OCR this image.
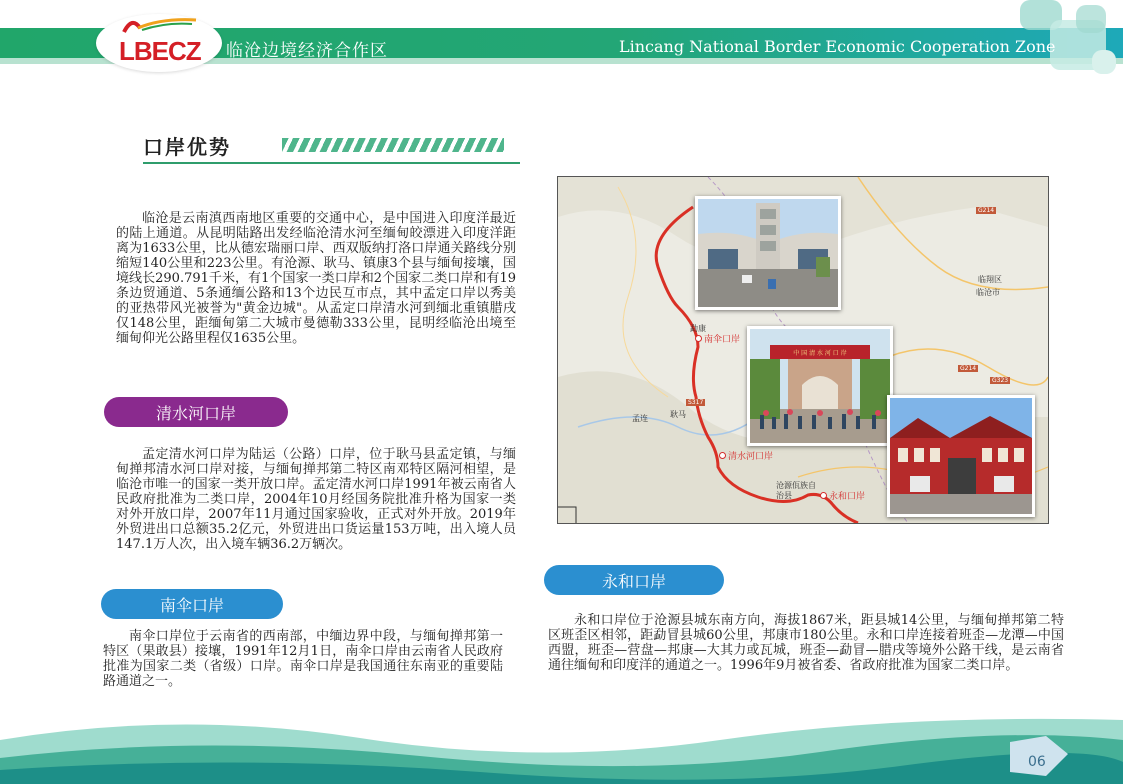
LBECZ 临沧边境经济合作区	Lincang National Border Economic Cooperation Zone
口岸优势

临沧是云南滇西南地区重要的交通中心，是中国进入印度洋最近的陆上通道。从昆明陆路出发经临沧清水河至缅甸皎漂进入印度洋距离为1633公里，比从德宏瑞丽口岸、西双版纳打洛口岸通关路线分别缩短140公里和223公里。有沧源、耿马、镇康3个县与缅甸接壤，国境线长290.791千米，有1个国家一类口岸和2个国家二类口岸和有19条边贸通道、5条通缅公路和13个边民互市点，其中孟定口岸以秀美的亚热带风光被誉为"黄金边城"。从孟定口岸清水河到缅北重镇腊戌仅148公里，距缅甸第二大城市曼德勒333公里，昆明经临沧出境至缅甸仰光公路里程仅1635公里。

清水河口岸

孟定清水河口岸为陆运（公路）口岸，位于耿马县孟定镇，与缅甸掸邦清水河口岸对接，与缅甸掸邦第二特区南邓特区隔河相望，是临沧市唯一的国家一类开放口岸。孟定清水河口岸1991年被云南省人民政府批准为二类口岸，2004年10月经国务院批准升格为国家一类对外开放口岸，2007年11月通过国家验收，正式对外开放。2019年外贸进出口总额35.2亿元，外贸进出口货运量153万吨，出入境人员147.1万人次，出入境车辆36.2万辆次。

南伞口岸

南伞口岸位于云南省的西南部，中缅边界中段，与缅甸掸邦第一特区（果敢县）接壤，1991年12月1日，南伞口岸由云南省人民政府批准为国家二类（省级）口岸。南伞口岸是我国通往东南亚的重要陆路通道之一。

永和口岸

永和口岸位于沧源县城东南方向，海拔1867米，距县城14公里，与缅甸掸邦第二特区班歪区相邻，距勐冒县城60公里，邦康市180公里。永和口岸连接着班歪—龙潭—中国西盟，班歪—营盘—邦康—大其力或瓦城，班歪—勐冒—腊戌等境外公路干线，是云南省通往缅甸和印度洋的通道之一。1996年9月被省委、省政府批准为国家二类口岸。

G214
G214
G323
S317
临翔区
临沧市
沧源佤族自治县
孟连
勐康
耿马
南伞口岸
清水河口岸
永和口岸
中 国 清 水 河 口 岸
06
